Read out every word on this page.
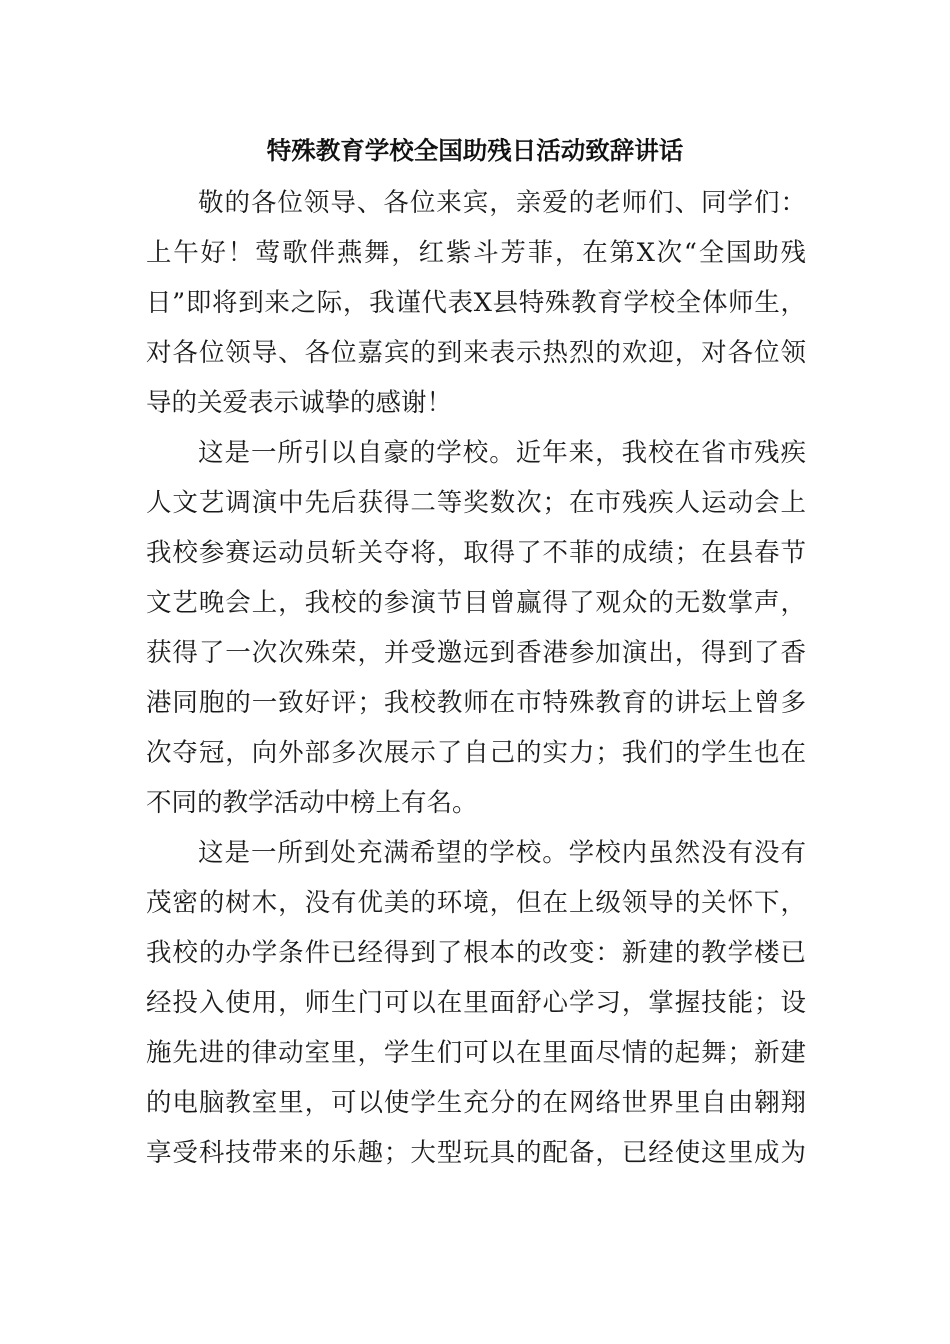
特殊教育学校全国助残日活动致辞讲话

敬的各位领导、各位来宾，亲爱的老师们、同学们：

上午好！莺歌伴燕舞，红紫斗芳菲，在第Ⅹ次“全国助残

日”即将到来之际，我谨代表Ⅹ县特殊教育学校全体师生，

对各位领导、各位嘉宾的到来表示热烈的欢迎，对各位领

导的关爱表示诚挚的感谢！

这是一所引以自豪的学校。近年来，我校在省市残疾

人文艺调演中先后获得二等奖数次；在市残疾人运动会上

我校参赛运动员斩关夺将，取得了不菲的成绩；在县春节

文艺晚会上，我校的参演节目曾赢得了观众的无数掌声，

获得了一次次殊荣，并受邀远到香港参加演出，得到了香

港同胞的一致好评；我校教师在市特殊教育的讲坛上曾多

次夺冠，向外部多次展示了自己的实力；我们的学生也在

不同的教学活动中榜上有名。

这是一所到处充满希望的学校。学校内虽然没有没有

茂密的树木，没有优美的环境，但在上级领导的关怀下，

我校的办学条件已经得到了根本的改变：新建的教学楼已

经投入使用，师生门可以在里面舒心学习，掌握技能；设

施先进的律动室里，学生们可以在里面尽情的起舞；新建

的电脑教室里，可以使学生充分的在网络世界里自由翱翔

享受科技带来的乐趣；大型玩具的配备，已经使这里成为
